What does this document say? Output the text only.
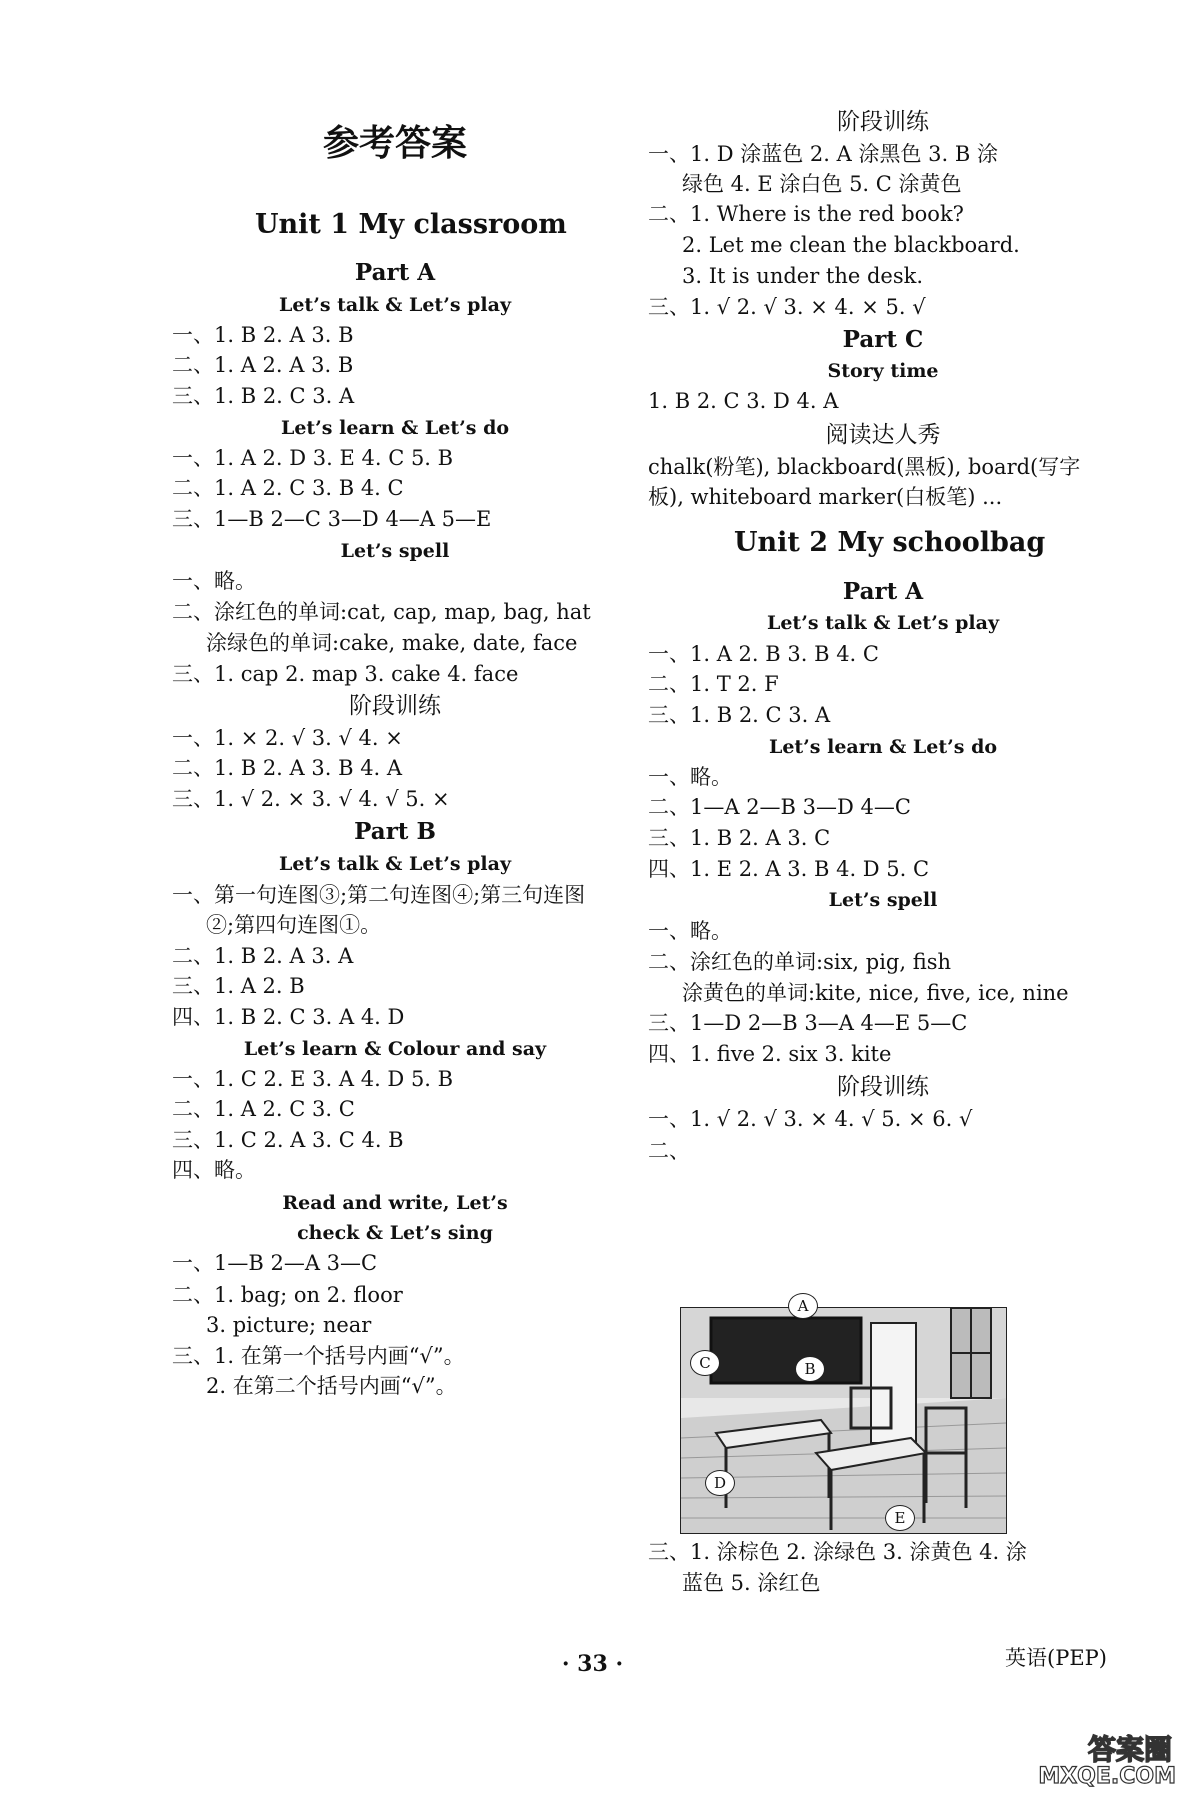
参考答案
Unit 1 My classroom
Part A
Let’s talk & Let’s play
一、1. B 2. A 3. B
二、1. A 2. A 3. B
三、1. B 2. C 3. A
Let’s learn & Let’s do
一、1. A 2. D 3. E 4. C 5. B
二、1. A 2. C 3. B 4. C
三、1—B 2—C 3—D 4—A 5—E
Let’s spell
一、略。
二、涂红色的单词:cat, cap, map, bag, hat
涂绿色的单词:cake, make, date, face
三、1. cap 2. map 3. cake 4. face
阶段训练
一、1. × 2. √ 3. √ 4. ×
二、1. B 2. A 3. B 4. A
三、1. √ 2. × 3. √ 4. √ 5. ×
Part B
Let’s talk & Let’s play
一、第一句连图③;第二句连图④;第三句连图
②;第四句连图①。
二、1. B 2. A 3. A
三、1. A 2. B
四、1. B 2. C 3. A 4. D
Let’s learn & Colour and say
一、1. C 2. E 3. A 4. D 5. B
二、1. A 2. C 3. C
三、1. C 2. A 3. C 4. B
四、略。
Read and write, Let’s
check & Let’s sing
一、1—B 2—A 3—C
二、1. bag; on 2. floor
3. picture; near
三、1. 在第一个括号内画“√”。
2. 在第二个括号内画“√”。
阶段训练
一、1. D 涂蓝色 2. A 涂黑色 3. B 涂
绿色 4. E 涂白色 5. C 涂黄色
二、1. Where is the red book?
2. Let me clean the blackboard.
3. It is under the desk.
三、1. √ 2. √ 3. × 4. × 5. √
Part C
Story time
1. B 2. C 3. D 4. A
阅读达人秀
chalk(粉笔), blackboard(黑板), board(写字
板), whiteboard marker(白板笔) ...
Unit 2 My schoolbag
Part A
Let’s talk & Let’s play
一、1. A 2. B 3. B 4. C
二、1. T 2. F
三、1. B 2. C 3. A
Let’s learn & Let’s do
一、略。
二、1—A 2—B 3—D 4—C
三、1. B 2. A 3. C
四、1. E 2. A 3. B 4. D 5. C
Let’s spell
一、略。
二、涂红色的单词:six, pig, fish
涂黄色的单词:kite, nice, five, ice, nine
三、1—D 2—B 3—A 4—E 5—C
四、1. five 2. six 3. kite
阶段训练
一、1. √ 2. √ 3. × 4. √ 5. × 6. √
二、
三、1. 涂棕色 2. 涂绿色 3. 涂黄色 4. 涂
蓝色 5. 涂红色
A
B
C
D
E
· 33 ·	英语(PEP)
答案圈
MXQE.COM
